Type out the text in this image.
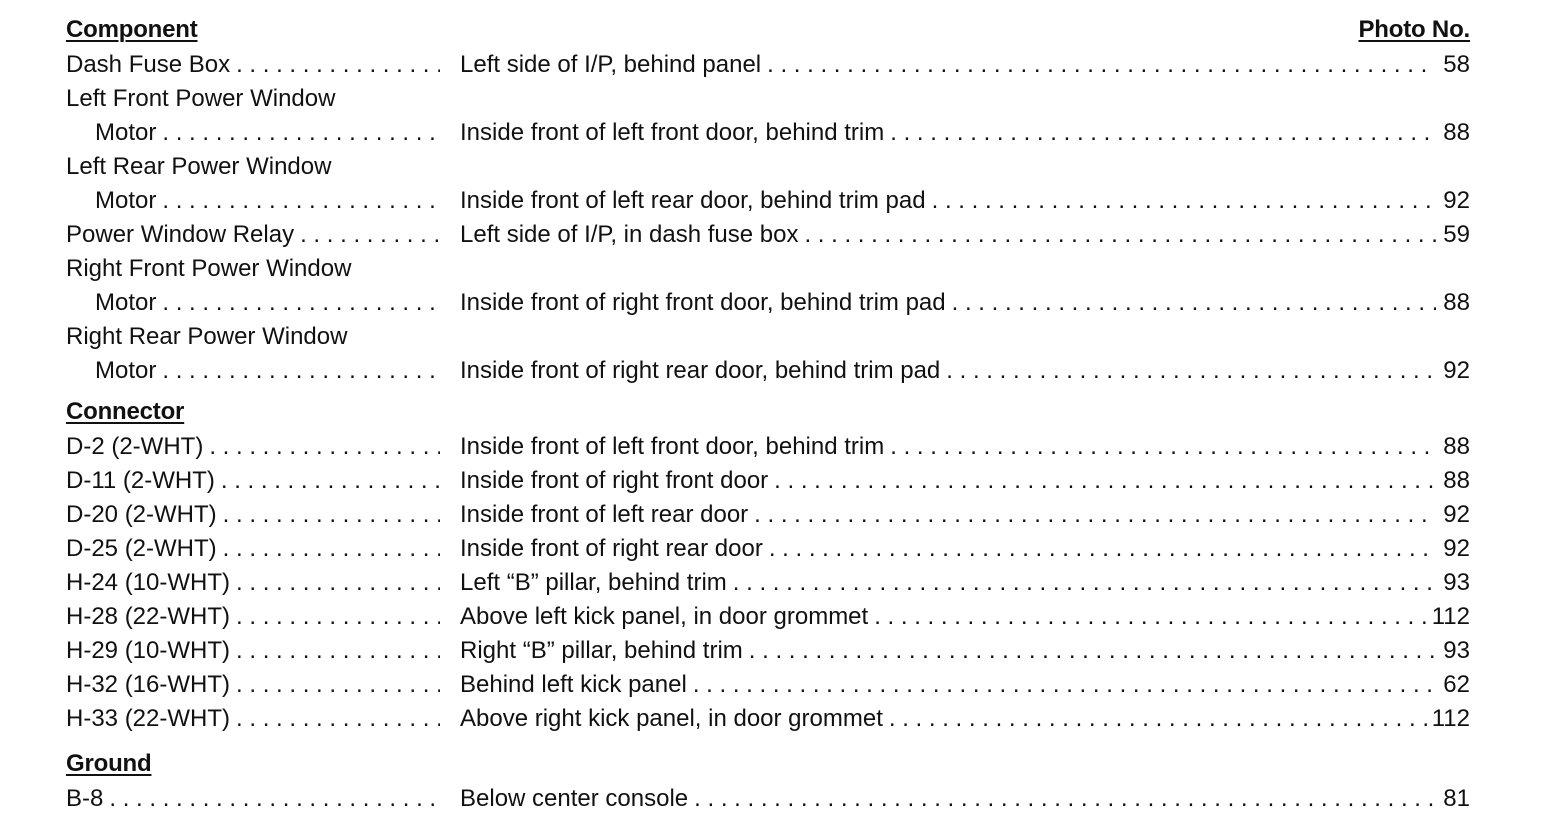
Component	Photo No.
Dash Fuse Box . . .	Left side of I/P, behind panel . . .	58
Left Front Power Window
Motor . . .	Inside front of left front door, behind trim . . .	88
Left Rear Power Window
Motor . . .	Inside front of left rear door, behind trim pad . . .	92
Power Window Relay . . .	Left side of I/P, in dash fuse box . . .	59
Right Front Power Window
Motor . . .	Inside front of right front door, behind trim pad . . .	88
Right Rear Power Window
Motor . . .	Inside front of right rear door, behind trim pad . . .	92
Connector
D-2 (2-WHT) . . .	Inside front of left front door, behind trim . . .	88
D-11 (2-WHT) . . .	Inside front of right front door . . .	88
D-20 (2-WHT) . . .	Inside front of left rear door . . .	92
D-25 (2-WHT) . . .	Inside front of right rear door . . .	92
H-24 (10-WHT) . . .	Left “B” pillar, behind trim . . .	93
H-28 (22-WHT) . . .	Above left kick panel, in door grommet . . .	112
H-29 (10-WHT) . . .	Right “B” pillar, behind trim . . .	93
H-32 (16-WHT) . . .	Behind left kick panel . . .	62
H-33 (22-WHT) . . .	Above right kick panel, in door grommet . . .	112
Ground
B-8 . . .	Below center console . . .	81
